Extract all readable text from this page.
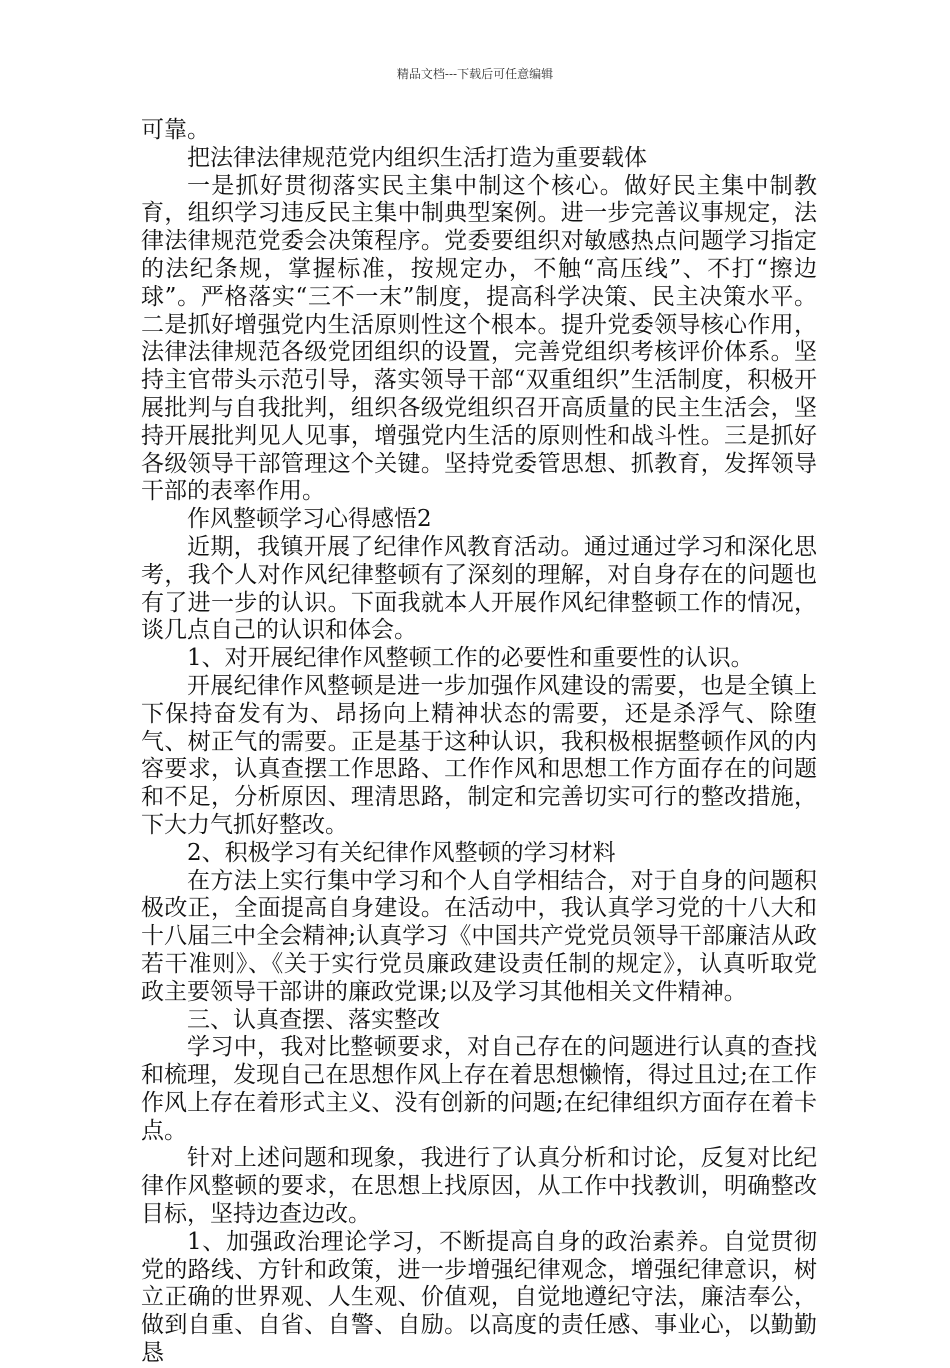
精品文档---下载后可任意编辑

可靠。

把法律法律规范党内组织生活打造为重要载体

一是抓好贯彻落实民主集中制这个核心。做好民主集中制教育，组织学习违反民主集中制典型案例。进一步完善议事规定，法律法律规范党委会决策程序。党委要组织对敏感热点问题学习指定的法纪条规，掌握标准，按规定办，不触“高压线”、不打“擦边球”。严格落实“三不一末”制度，提高科学决策、民主决策水平。二是抓好增强党内生活原则性这个根本。提升党委领导核心作用，法律法律规范各级党团组织的设置，完善党组织考核评价体系。坚持主官带头示范引导，落实领导干部“双重组织”生活制度，积极开展批判与自我批判，组织各级党组织召开高质量的民主生活会，坚持开展批判见人见事，增强党内生活的原则性和战斗性。三是抓好各级领导干部管理这个关键。坚持党委管思想、抓教育，发挥领导干部的表率作用。

作风整顿学习心得感悟2

近期，我镇开展了纪律作风教育活动。通过通过学习和深化思考，我个人对作风纪律整顿有了深刻的理解，对自身存在的问题也有了进一步的认识。下面我就本人开展作风纪律整顿工作的情况，谈几点自己的认识和体会。

1、对开展纪律作风整顿工作的必要性和重要性的认识。

开展纪律作风整顿是进一步加强作风建设的需要，也是全镇上下保持奋发有为、昂扬向上精神状态的需要，还是杀浮气、除堕气、树正气的需要。正是基于这种认识，我积极根据整顿作风的内容要求，认真查摆工作思路、工作作风和思想工作方面存在的问题和不足，分析原因、理清思路，制定和完善切实可行的整改措施，下大力气抓好整改。

2、积极学习有关纪律作风整顿的学习材料

在方法上实行集中学习和个人自学相结合，对于自身的问题积极改正，全面提高自身建设。在活动中，我认真学习党的十八大和十八届三中全会精神;认真学习《中国共产党党员领导干部廉洁从政若干准则》、《关于实行党员廉政建设责任制的规定》，认真听取党政主要领导干部讲的廉政党课;以及学习其他相关文件精神。

三、认真查摆、落实整改

学习中，我对比整顿要求，对自己存在的问题进行认真的查找和梳理，发现自己在思想作风上存在着思想懒惰，得过且过;在工作作风上存在着形式主义、没有创新的问题;在纪律组织方面存在着卡点。

针对上述问题和现象，我进行了认真分析和讨论，反复对比纪律作风整顿的要求，在思想上找原因，从工作中找教训，明确整改目标，坚持边查边改。

1、加强政治理论学习，不断提高自身的政治素养。自觉贯彻党的路线、方针和政策，进一步增强纪律观念，增强纪律意识，树立正确的世界观、人生观、价值观，自觉地遵纪守法，廉洁奉公，做到自重、自省、自警、自励。以高度的责任感、事业心，以勤勤恳
